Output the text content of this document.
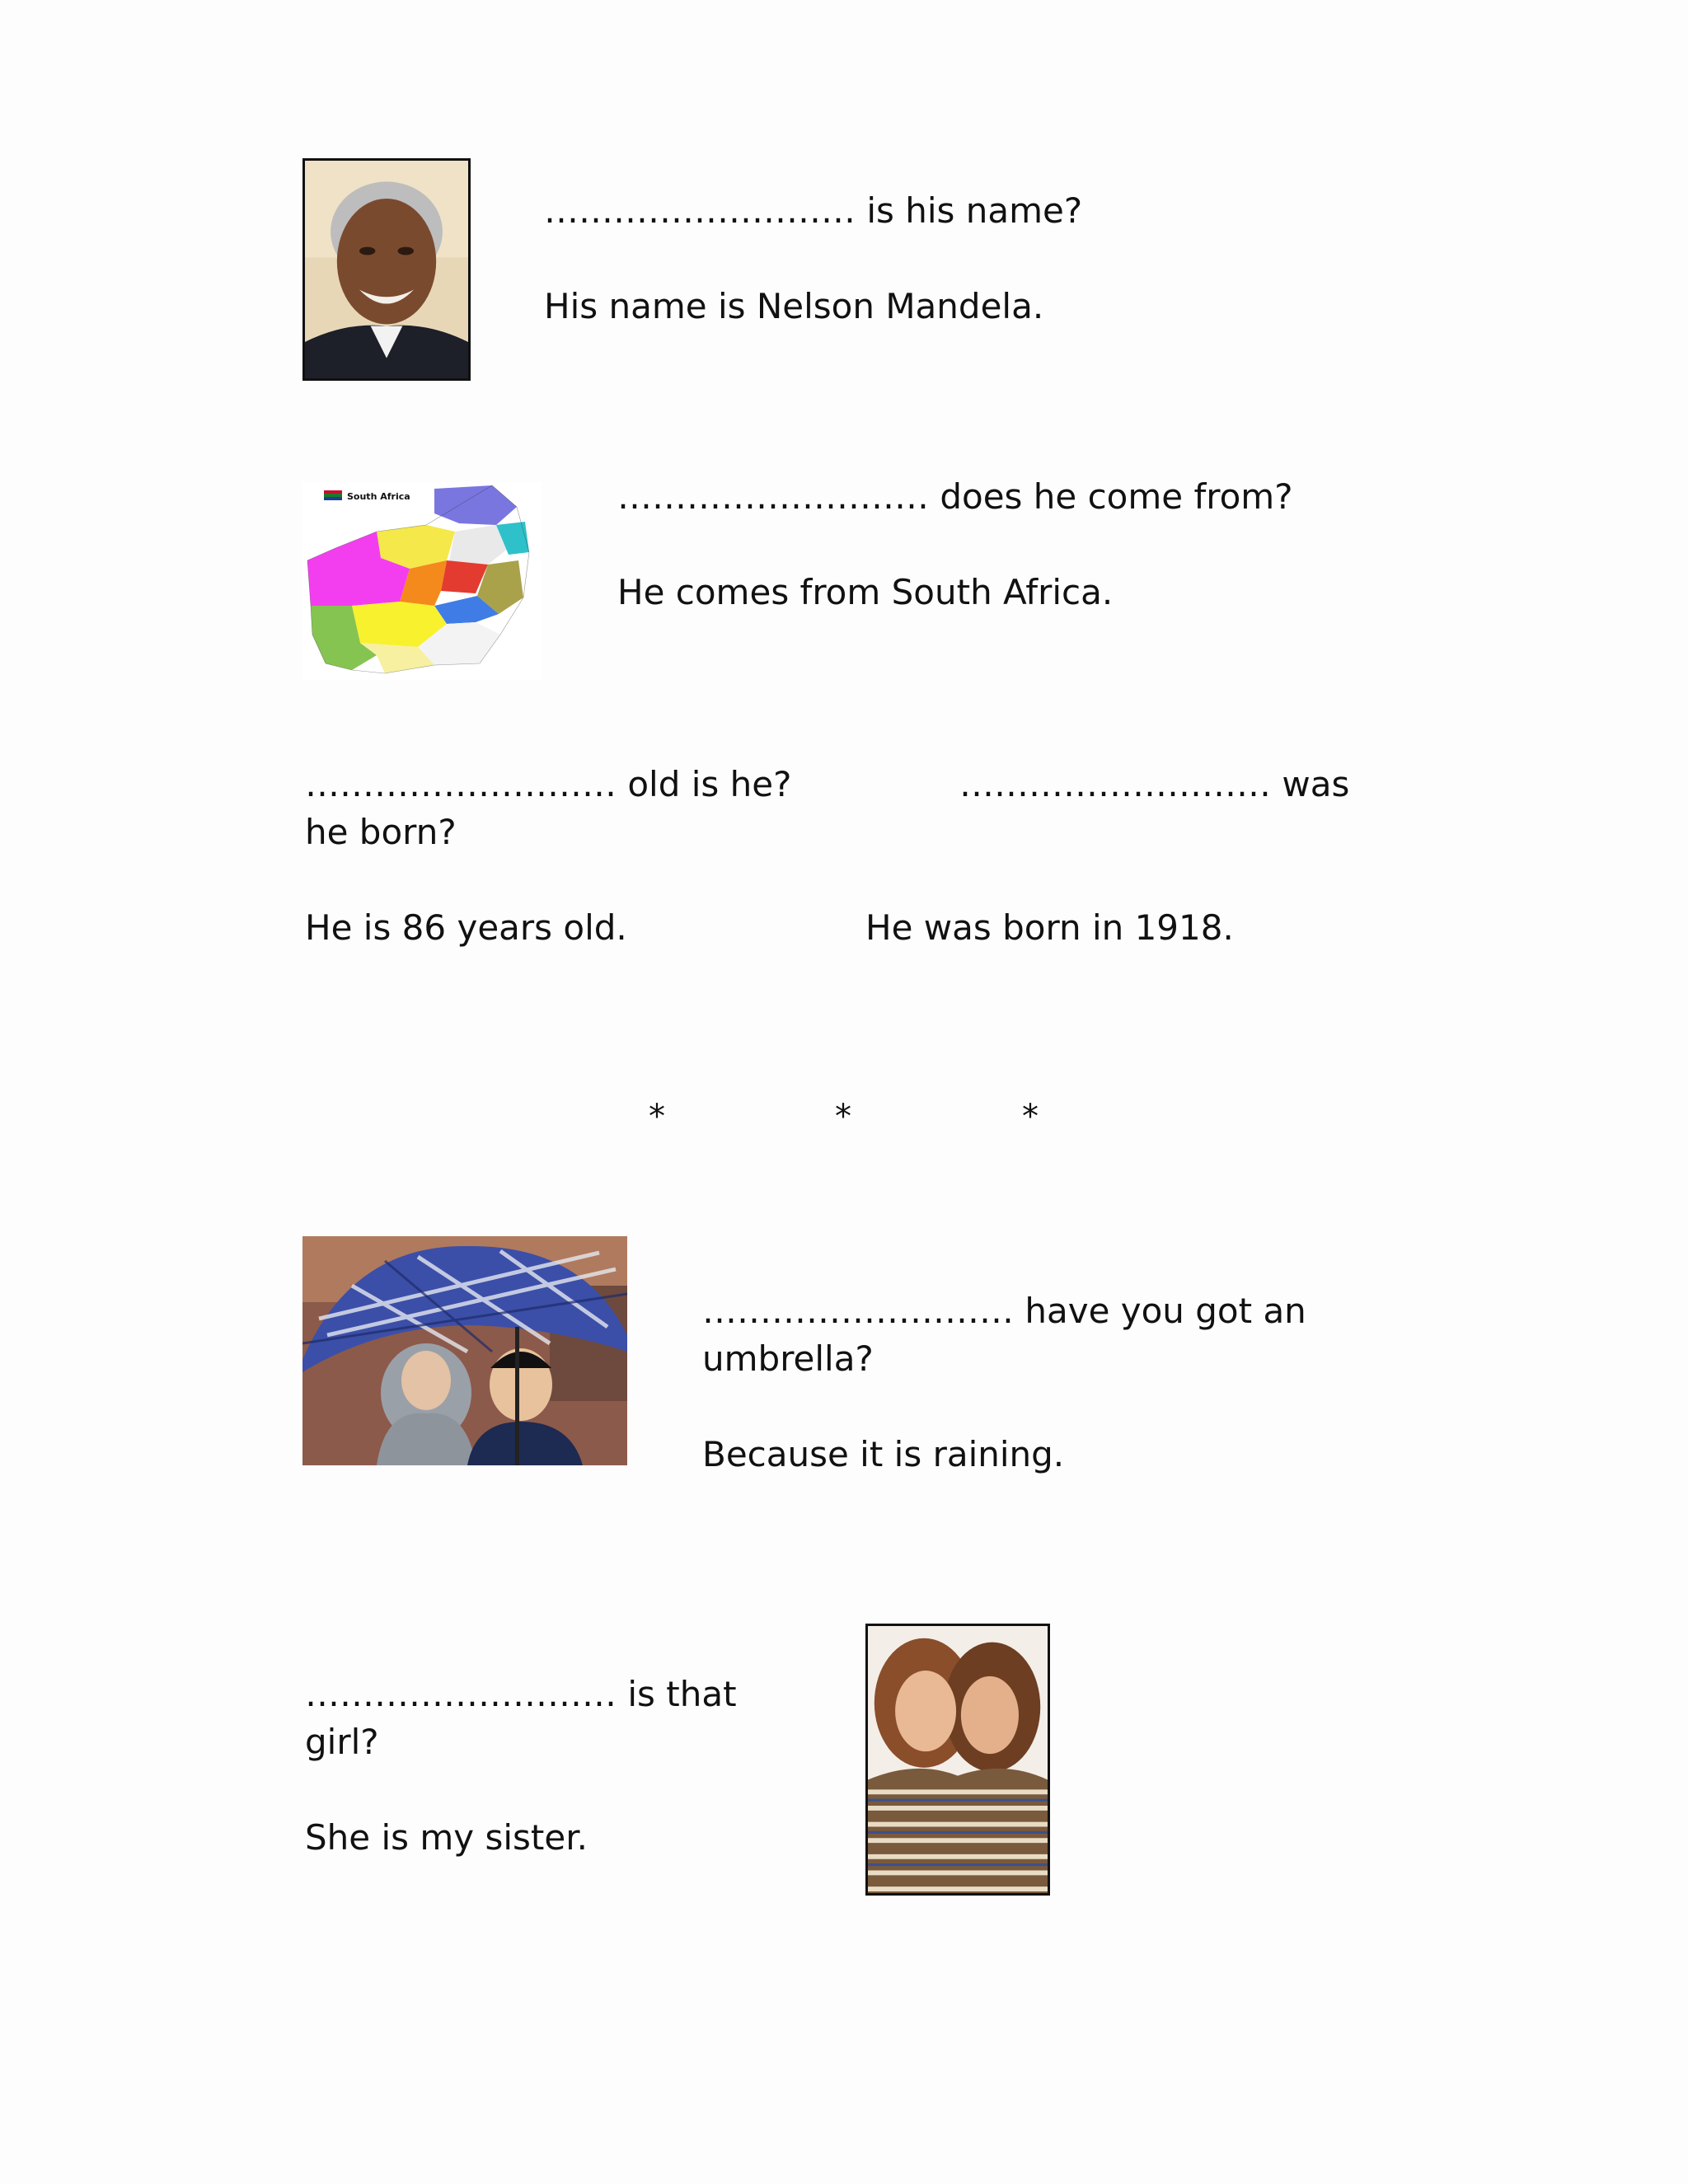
……………………… is his name?
His name is Nelson Mandela.
South Africa	……………………… does he come from?
He comes from South Africa.
……………………… old is he?	……………………… was
he born?
He is 86 years old.	He was born in 1918.
*	*	*
……………………… have you got an
umbrella?
Because it is raining.
……………………… is that
girl?
She is my sister.
